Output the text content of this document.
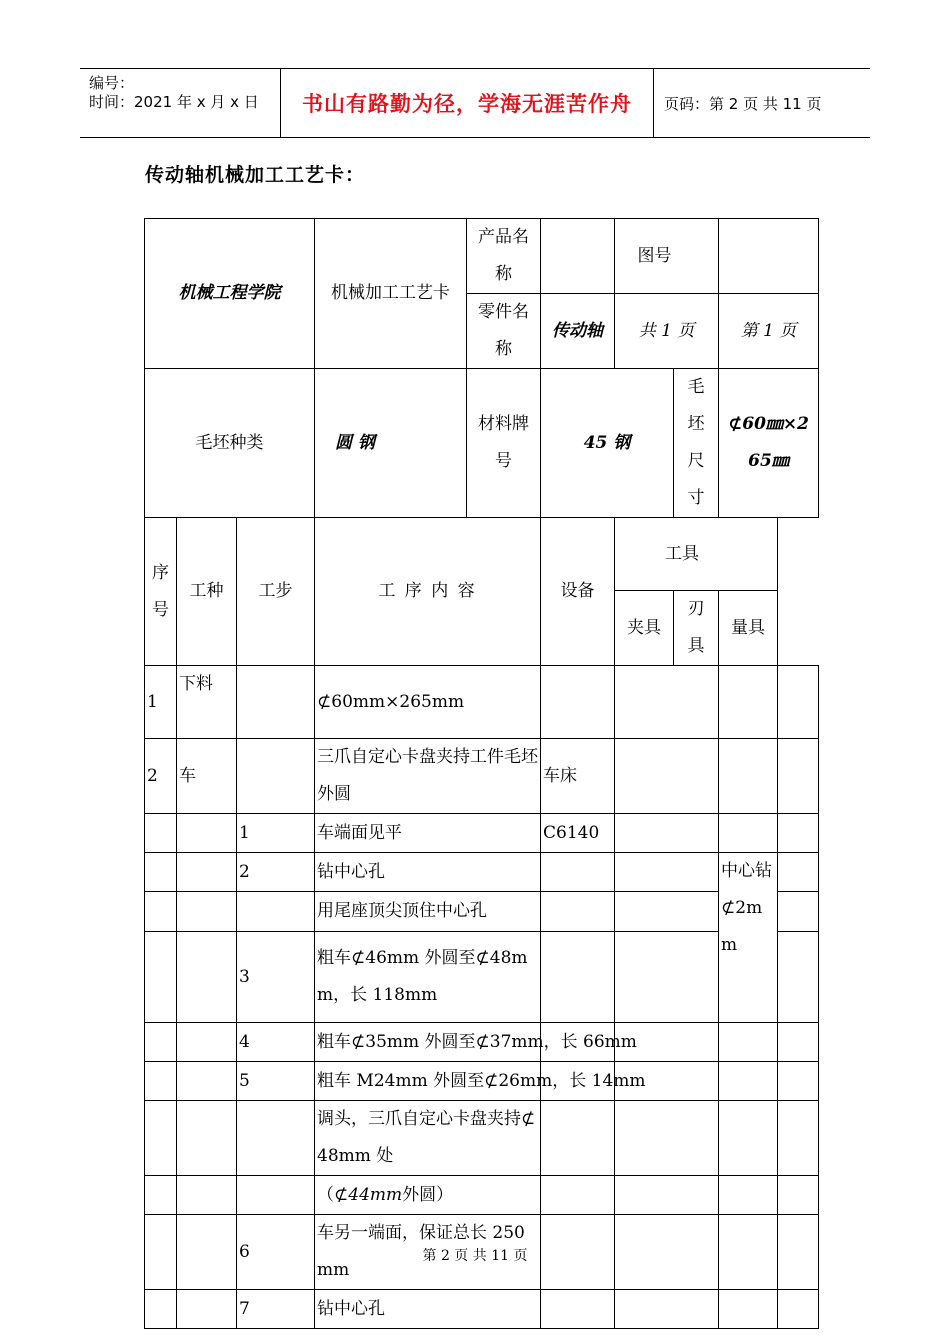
编号：
时间：2021 年 x 月 x 日	书山有路勤为径，学海无涯苦作舟	页码：第 2 页 共 11 页
传动轴机械加工工艺卡：
机械工程学院			机械加工工艺卡	产品名称		图号			
				零件名称	传动轴	共 1 页		第 1 页	
毛坯种类			圆 钢	材料牌号	45 钢		毛坯尺寸	⊄60㎜×265㎜	
序号	工种	工步	工 序 内 容		设备	工具			
						夹具	刃具	量具	
1	下料		⊄60mm×265mm						
2	车		三爪自定心卡盘夹持工件毛坯外圆		车床				
		1	车端面见平		C6140				
		2	钻中心孔					中心钻 ⊄2mm	
			用尾座顶尖顶住中心孔						
		3	粗车⊄46mm 外圆至⊄48mm，长 118mm						
		4	粗车⊄35mm 外圆至⊄37mm，长 66mm						
		5	粗车 M24mm 外圆至⊄26mm，长 14mm						
			调头，三爪自定心卡盘夹持⊄48mm 处						
			（⊄44mm外圆）						
		6	车另一端面，保证总长 250 mm						
		7	钻中心孔						
第 2 页 共 11 页
